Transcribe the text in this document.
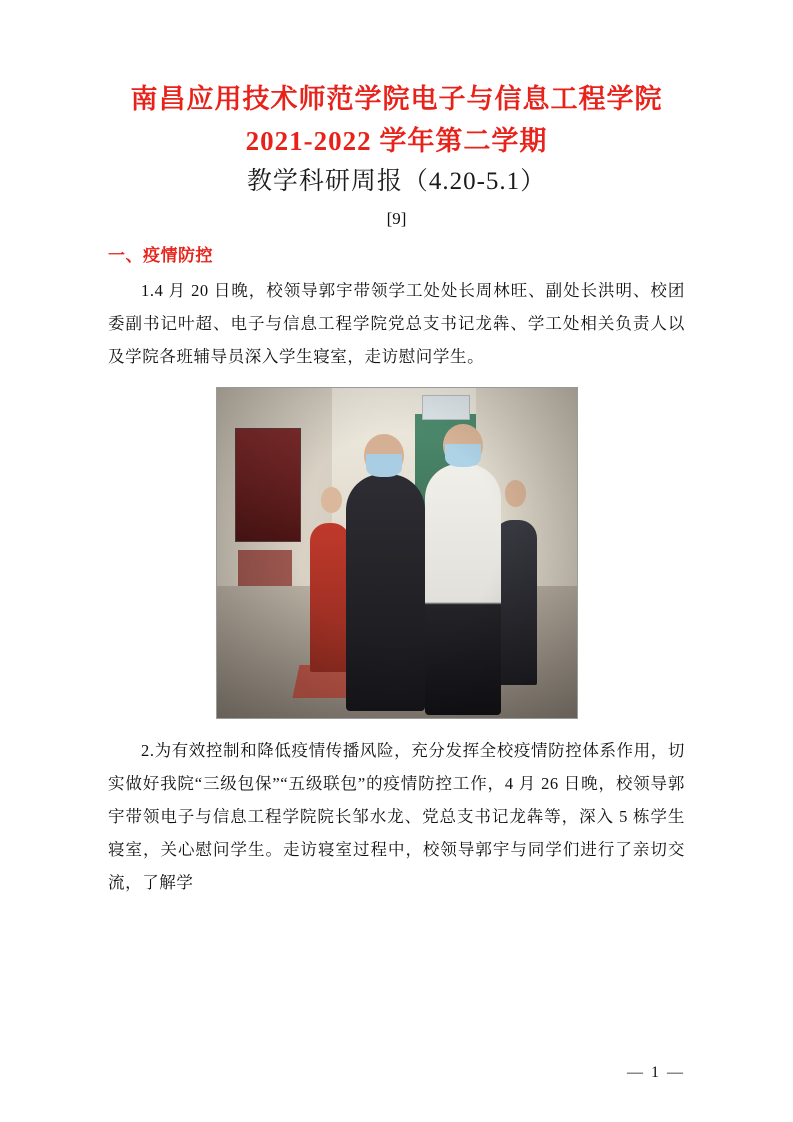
南昌应用技术师范学院电子与信息工程学院
2021-2022 学年第二学期
教学科研周报（4.20-5.1）
[9]
一、疫情防控

1.4 月 20 日晚，校领导郭宇带领学工处处长周林旺、副处长洪明、校团委副书记叶超、电子与信息工程学院党总支书记龙犇、学工处相关负责人以及学院各班辅导员深入学生寝室，走访慰问学生。

2.为有效控制和降低疫情传播风险，充分发挥全校疫情防控体系作用，切实做好我院“三级包保”“五级联包”的疫情防控工作，4 月 26 日晚，校领导郭宇带领电子与信息工程学院院长邹水龙、党总支书记龙犇等，深入 5 栋学生寝室，关心慰问学生。走访寝室过程中，校领导郭宇与同学们进行了亲切交流，了解学

— 1 —
